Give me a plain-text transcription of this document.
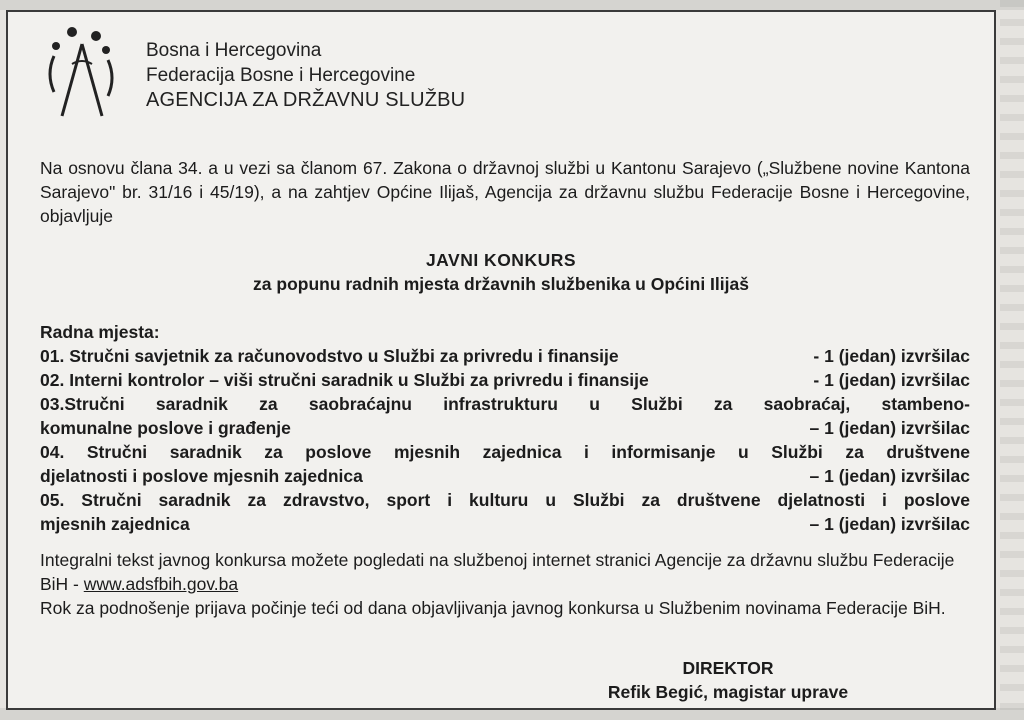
Bosna i Hercegovina
Federacija Bosne i Hercegovine
AGENCIJA ZA DRŽAVNU SLUŽBU
Na osnovu člana 34. a u vezi sa članom 67. Zakona o državnoj službi u Kantonu Sarajevo („Službene novine Kantona Sarajevo" br. 31/16 i 45/19), a na zahtjev Općine Ilijaš, Agencija za državnu službu Federacije Bosne i Hercegovine, objavljuje
JAVNI KONKURS
za popunu radnih mjesta državnih službenika u Općini Ilijaš
Radna mjesta:
01. Stručni savjetnik za računovodstvo u Službi za privredu i finansije	- 1 (jedan) izvršilac
02. Interni kontrolor – viši stručni saradnik u Službi za privredu i finansije	- 1 (jedan) izvršilac
03.Stručni saradnik za saobraćajnu infrastrukturu u Službi za saobraćaj, stambeno-
komunalne poslove i građenje	– 1 (jedan) izvršilac
04. Stručni saradnik za poslove mjesnih zajednica i informisanje u Službi za društvene
djelatnosti i poslove mjesnih zajednica	– 1 (jedan) izvršilac
05. Stručni saradnik za zdravstvo, sport i kulturu u Službi za društvene djelatnosti i poslove
mjesnih zajednica	– 1 (jedan) izvršilac
Integralni tekst javnog konkursa možete pogledati na službenoj internet stranici Agencije za državnu službu Federacije BiH - www.adsfbih.gov.ba
Rok za podnošenje prijava počinje teći od dana objavljivanja javnog konkursa u Službenim novinama Federacije BiH.
DIREKTOR
Refik Begić, magistar uprave
